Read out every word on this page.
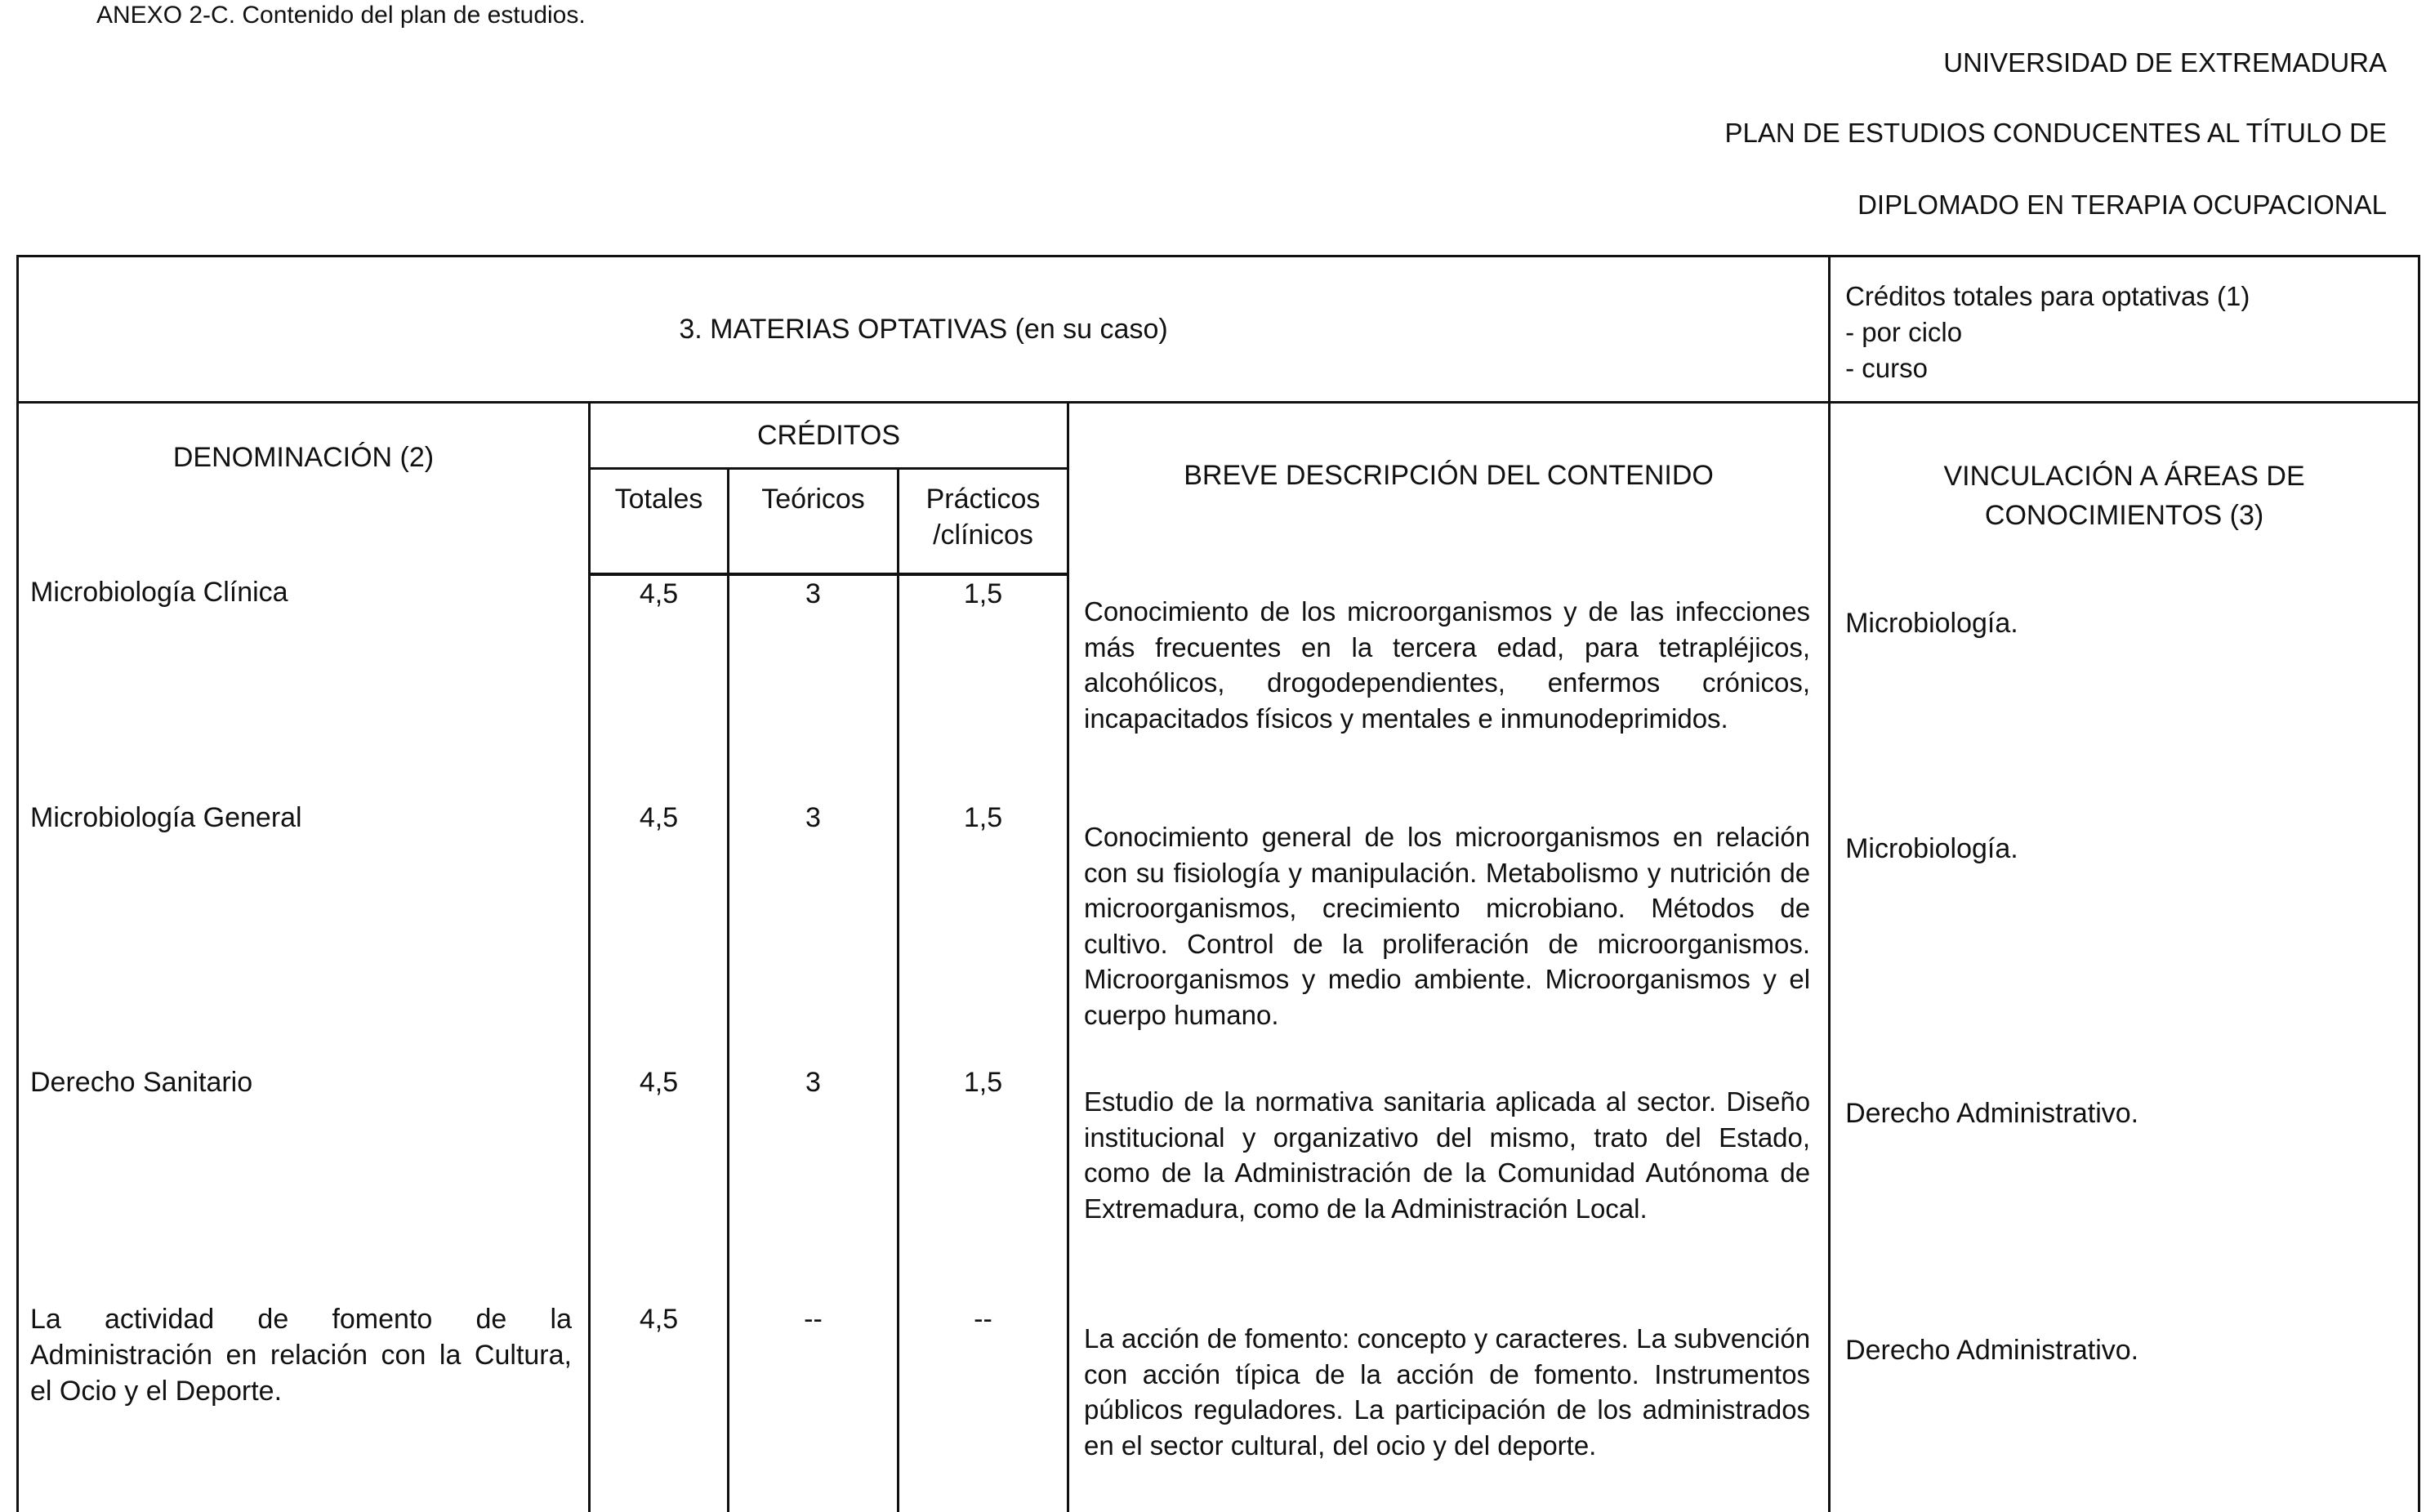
ANEXO 2-C. Contenido del plan de estudios.
UNIVERSIDAD DE EXTREMADURA
PLAN DE ESTUDIOS CONDUCENTES AL TÍTULO DE
DIPLOMADO EN TERAPIA OCUPACIONAL
3. MATERIAS OPTATIVAS (en su caso)					Créditos totales para optativas (1)
- por ciclo
- curso

DENOMINACIÓN (2)	CRÉDITOS			BREVE DESCRIPCIÓN DEL CONTENIDO	VINCULACIÓN A ÁREAS DE
CONOCIMIENTOS (3)

	Totales	Teóricos	Prácticos
/clínicos		

Microbiología Clínica	4,5	3	1,5	Conocimiento de los microorganismos y de las infecciones más frecuentes en la tercera edad, para tetrapléjicos, alcohólicos, drogodependientes, enfermos crónicos, incapacitados físicos y mentales e inmunodeprimidos.	Microbiología.
Microbiología General	4,5	3	1,5	Conocimiento general de los microorganismos en relación con su fisiología y manipulación. Metabolismo y nutrición de microorganismos, crecimiento microbiano. Métodos de cultivo. Control de la proliferación de microorganismos. Microorganismos y medio ambiente. Microorganismos y el cuerpo humano.	Microbiología.
Derecho Sanitario	4,5	3	1,5	Estudio de la normativa sanitaria aplicada al sector. Diseño institucional y organizativo del mismo, trato del Estado, como de la Administración de la Comunidad Autónoma de Extremadura, como de la Administración Local.	Derecho Administrativo.
La actividad de fomento de la Administración en relación con la Cultura, el Ocio y el Deporte.	4,5	--	--	La acción de fomento: concepto y caracteres. La subvención con acción típica de la acción de fomento. Instrumentos públicos reguladores. La participación de los administrados en el sector cultural, del ocio y del deporte.	Derecho Administrativo.
